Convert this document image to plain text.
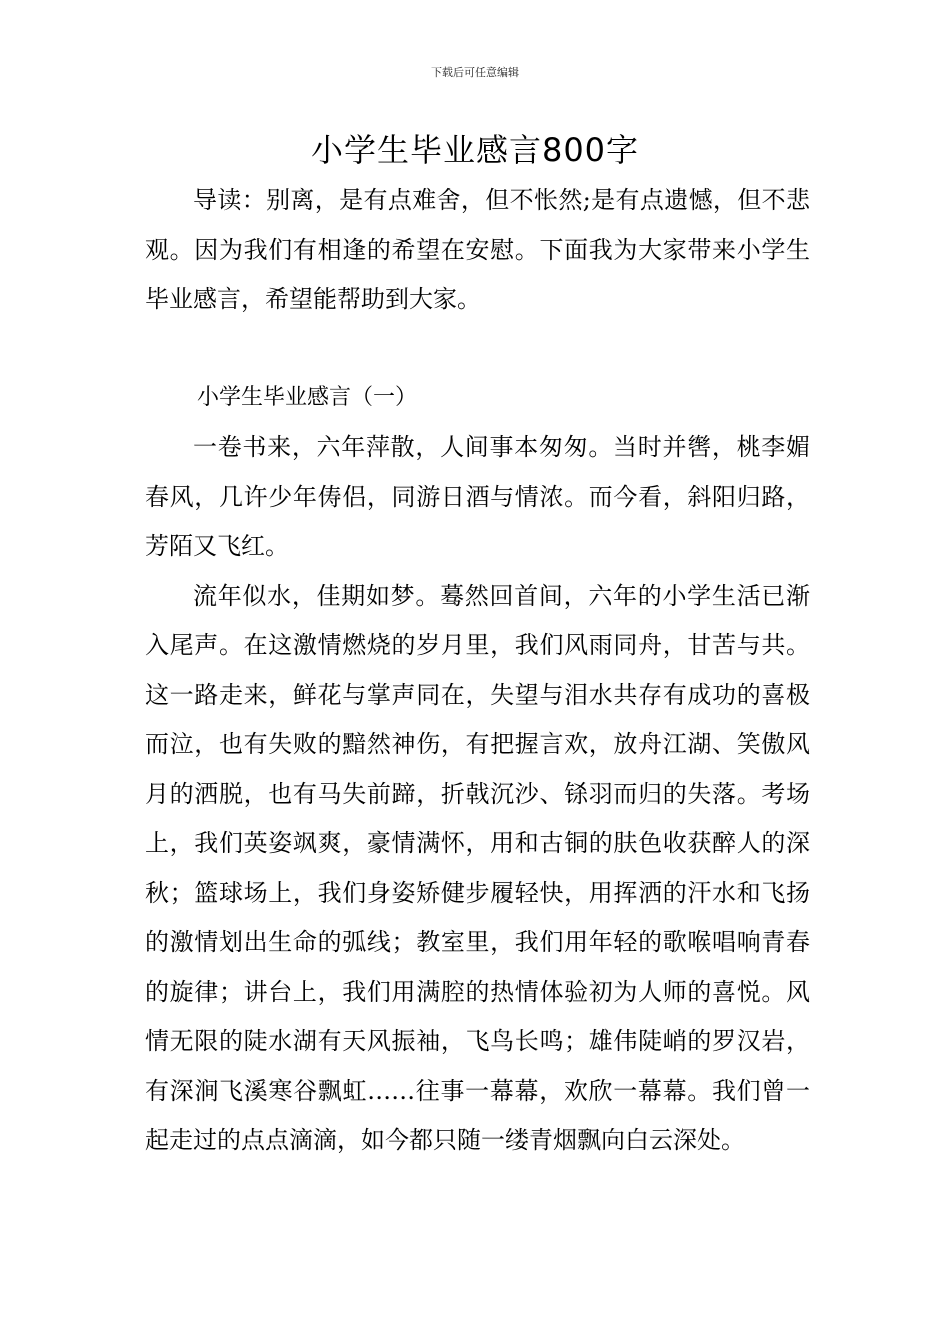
下载后可任意编辑
小学生毕业感言800字

导读：别离，是有点难舍，但不怅然;是有点遗憾，但不悲观。因为我们有相逢的希望在安慰。下面我为大家带来小学生毕业感言，希望能帮助到大家。

小学生毕业感言（一）

一卷书来，六年萍散，人间事本匆匆。当时并辔，桃李媚春风，几许少年俦侣，同游日酒与情浓。而今看，斜阳归路，芳陌又飞红。

流年似水，佳期如梦。蓦然回首间，六年的小学生活已渐入尾声。在这激情燃烧的岁月里，我们风雨同舟，甘苦与共。这一路走来，鲜花与掌声同在，失望与泪水共存有成功的喜极而泣，也有失败的黯然神伤，有把握言欢，放舟江湖、笑傲风月的洒脱，也有马失前蹄，折戟沉沙、铩羽而归的失落。考场上，我们英姿飒爽，豪情满怀，用和古铜的肤色收获醉人的深秋；篮球场上，我们身姿矫健步履轻快，用挥洒的汗水和飞扬的激情划出生命的弧线；教室里，我们用年轻的歌喉唱响青春的旋律；讲台上，我们用满腔的热情体验初为人师的喜悦。风情无限的陡水湖有天风振袖，飞鸟长鸣；雄伟陡峭的罗汉岩，有深涧飞溪寒谷飘虹……往事一幕幕，欢欣一幕幕。我们曾一起走过的点点滴滴，如今都只随一缕青烟飘向白云深处。
